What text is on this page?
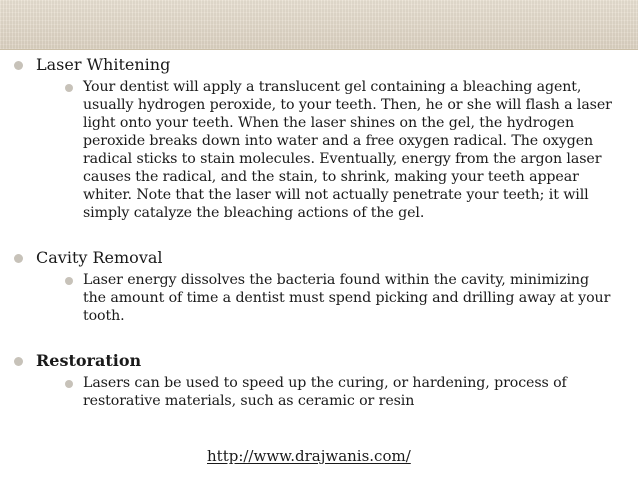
Laser Whitening
Your dentist will apply a translucent gel containing a bleaching agent, usually hydrogen peroxide, to your teeth. Then, he or she will flash a laser light onto your teeth. When the laser shines on the gel, the hydrogen peroxide breaks down into water and a free oxygen radical. The oxygen radical sticks to stain molecules. Eventually, energy from the argon laser causes the radical, and the stain, to shrink, making your teeth appear whiter. Note that the laser will not actually penetrate your teeth; it will simply catalyze the bleaching actions of the gel.
Cavity Removal
Laser energy dissolves the bacteria found within the cavity, minimizing the amount of time a dentist must spend picking and drilling away at your tooth.
Restoration
Lasers can be used to speed up the curing, or hardening, process of restorative materials, such as ceramic or resin
http://www.drajwanis.com/
